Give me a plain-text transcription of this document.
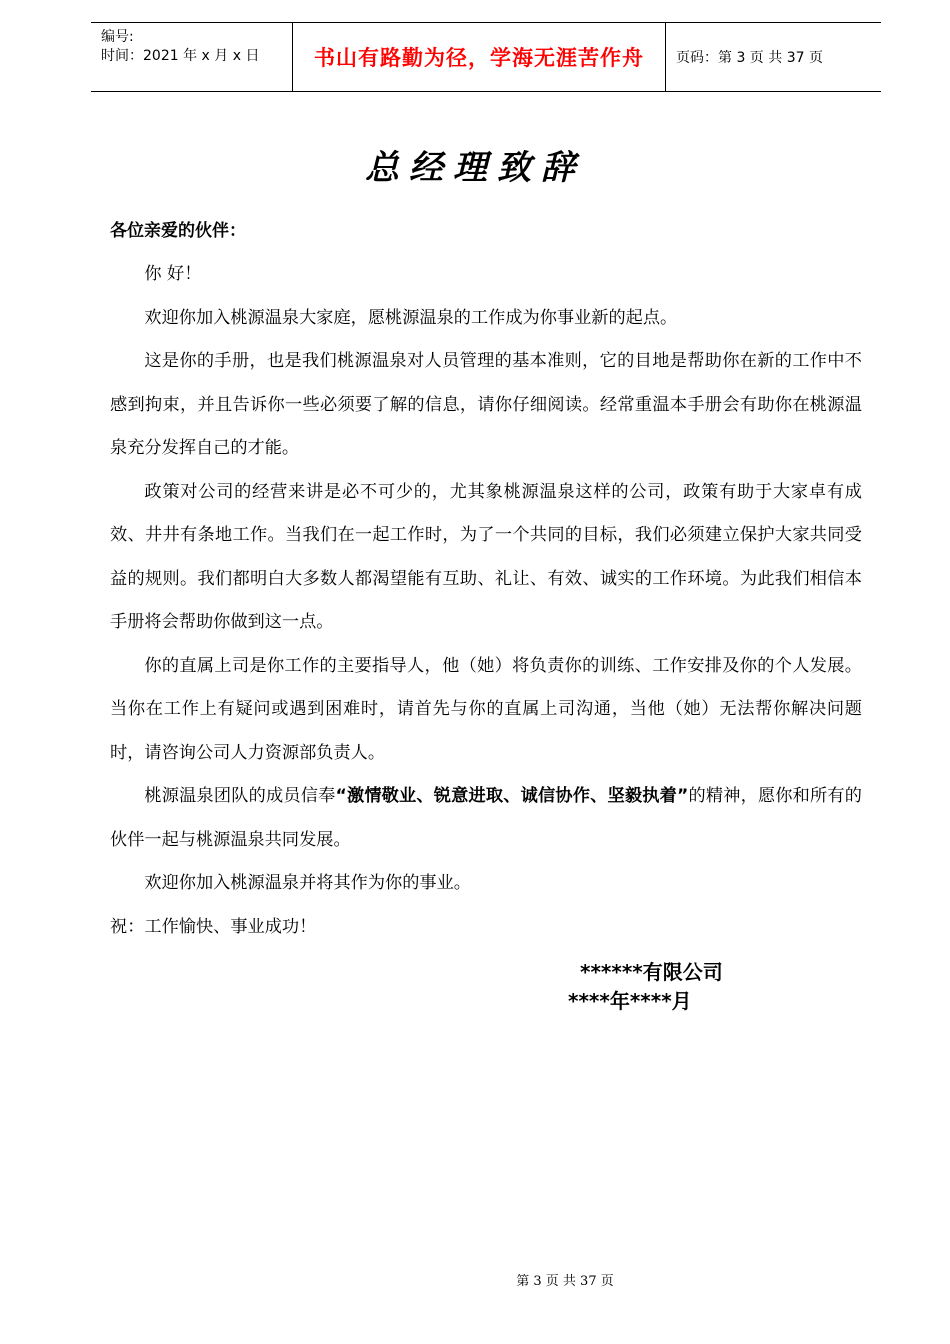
编号:
时间：2021 年 x 月 x 日	书山有路勤为径，学海无涯苦作舟 页码：第 3 页 共 37 页
总经理致辞
各位亲爱的伙伴：

你 好！

欢迎你加入桃源温泉大家庭，愿桃源温泉的工作成为你事业新的起点。

这是你的手册，也是我们桃源温泉对人员管理的基本准则，它的目地是帮助你在新的工作中不感到拘束，并且告诉你一些必须要了解的信息，请你仔细阅读。经常重温本手册会有助你在桃源温泉充分发挥自己的才能。

政策对公司的经营来讲是必不可少的，尤其象桃源温泉这样的公司，政策有助于大家卓有成效、井井有条地工作。当我们在一起工作时，为了一个共同的目标，我们必须建立保护大家共同受益的规则。我们都明白大多数人都渴望能有互助、礼让、有效、诚实的工作环境。为此我们相信本手册将会帮助你做到这一点。

你的直属上司是你工作的主要指导人，他（她）将负责你的训练、工作安排及你的个人发展。当你在工作上有疑问或遇到困难时，请首先与你的直属上司沟通，当他（她）无法帮你解决问题时，请咨询公司人力资源部负责人。

桃源温泉团队的成员信奉“激情敬业、锐意进取、诚信协作、坚毅执着”的精神，愿你和所有的伙伴一起与桃源温泉共同发展。

欢迎你加入桃源温泉并将其作为你的事业。

祝：工作愉快、事业成功！

******有限公司
****年****月
第 3 页 共 37 页
